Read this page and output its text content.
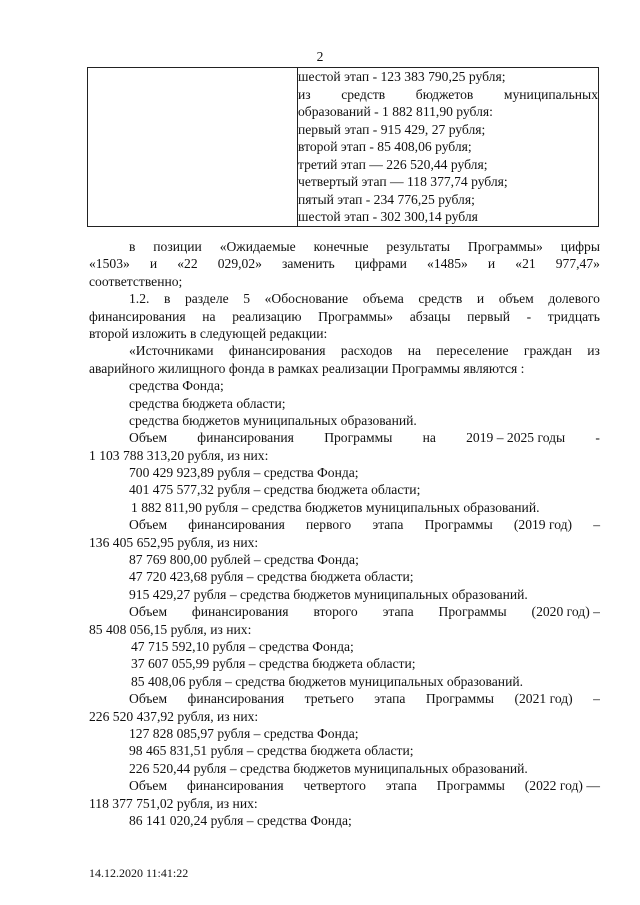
2

шестой этап - 123 383 790,25 рубля;
из средств бюджетов муниципальных
образований - 1 882 811,90 рубля:
первый этап - 915 429, 27 рубля;
второй этап - 85 408,06 рубля;
третий этап — 226 520,44 рубля;
четвертый этап — 118 377,74 рубля;
пятый этап - 234 776,25 рубля;
шестой этап - 302 300,14 рубля
в позиции «Ожидаемые конечные результаты Программы» цифры
«1503» и «22 029,02» заменить цифрами «1485» и «21 977,47»
соответственно;
1.2. в разделе 5 «Обоснование объема средств и объем долевого
финансирования на реализацию Программы» абзацы первый - тридцать
второй изложить в следующей редакции:
«Источниками финансирования расходов на переселение граждан из
аварийного жилищного фонда в рамках реализации Программы являются :
средства Фонда;
средства бюджета области;
средства бюджетов муниципальных образований.
Объем финансирования Программы на 2019 – 2025 годы -
1 103 788 313,20 рубля, из них:
700 429 923,89 рубля – средства Фонда;
401 475 577,32 рубля – средства бюджета области;
1 882 811,90 рубля – средства бюджетов муниципальных образований.
Объем финансирования первого этапа Программы (2019 год) –
136 405 652,95 рубля, из них:
87 769 800,00 рублей – средства Фонда;
47 720 423,68 рубля – средства бюджета области;
915 429,27 рубля – средства бюджетов муниципальных образований.
Объем финансирования второго этапа Программы (2020 год) –
85 408 056,15 рубля, из них:
47 715 592,10 рубля – средства Фонда;
37 607 055,99 рубля – средства бюджета области;
85 408,06 рубля – средства бюджетов муниципальных образований.
Объем финансирования третьего этапа Программы (2021 год) –
226 520 437,92 рубля, из них:
127 828 085,97 рубля – средства Фонда;
98 465 831,51 рубля – средства бюджета области;
226 520,44 рубля – средства бюджетов муниципальных образований.
Объем финансирования четвертого этапа Программы (2022 год) —
118 377 751,02 рубля, из них:
86 141 020,24 рубля – средства Фонда;
14.12.2020 11:41:22
